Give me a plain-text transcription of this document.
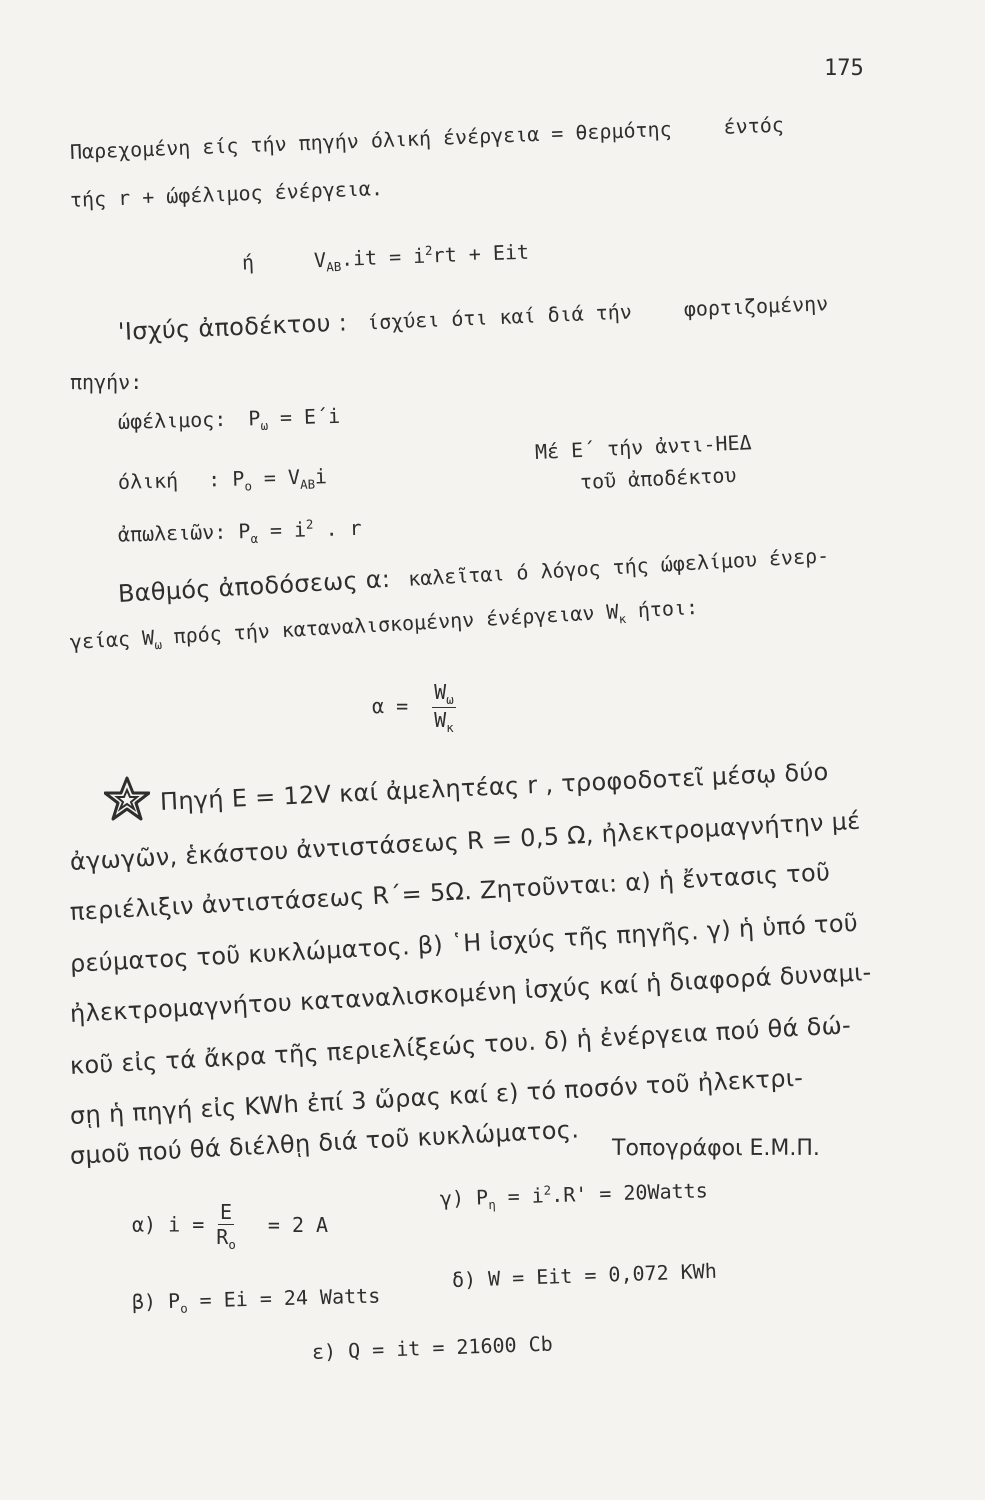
175
Παρεχομένη είς τήν πηγήν όλική ένέργεια = θερμότης	έντός
τής r + ώφέλιμος ένέργεια.
ή	$V_{AB}.it = i^2rt$ + Eit
'Ισχύς ἀποδέκτου : ίσχύει ότι καί διά τήν	φορτιζομένην
πηγήν:
ώφέλιμος: $P_\omega = E΄i$
Μέ E΄ τήν ἀντι-ΗΕΔ
τοῦ ἀποδέκτου
όλική : $P_o = V_{AB}i$
ἀπωλειῶν: $P_\alpha = i^2$ . r
Βαθμός ἀποδόσεως α: καλεῖται ό λόγος τής ώφελίμου ένερ-
γείας $W_\omega$ πρός τήν καταναλισκομένην ένέργειαν $W_\kappa$ ήτοι:
$\alpha = \frac{W_\omega}{W_\kappa}$
Πηγή E = 12V καί ἀμελητέας r , τροφοδοτεῖ μέσῳ δύο
ἀγωγῶν, ἑκάστου ἀντιστάσεως R = 0,5 Ω, ἠλεκτρομαγνήτην μέ
περιέλιξιν ἀντιστάσεως R΄= 5Ω. Ζητοῦνται: α) ἡ ἔντασις τοῦ
ρεύματος τοῦ κυκλώματος. β) ῾Η ἰσχύς τῆς πηγῆς. γ) ἡ ὑπό τοῦ
ἠλεκτρομαγνήτου καταναλισκομένη ἰσχύς καί ἡ διαφορά δυναμι-
κοῦ εἰς τά ἄκρα τῆς περιελίξεώς του. δ) ἡ ἐνέργεια πού θά δώ-
σῃ ἡ πηγή εἰς KWh ἐπί 3 ὥρας καί ε) τό ποσόν τοῦ ἠλεκτρι-
σμοῦ πού θά διέλθῃ διά τοῦ κυκλώματος. Τοπογράφοι Ε.Μ.Π.
α) $i = \frac{E}{R_o} = 2$ A
γ) $P_\eta = i^2.R'$ = 20Watts
β) $P_o = Ei = 24$ Watts
δ) W = Eit = 0,072 KWh
ε) Q = it = 21600 Cb
